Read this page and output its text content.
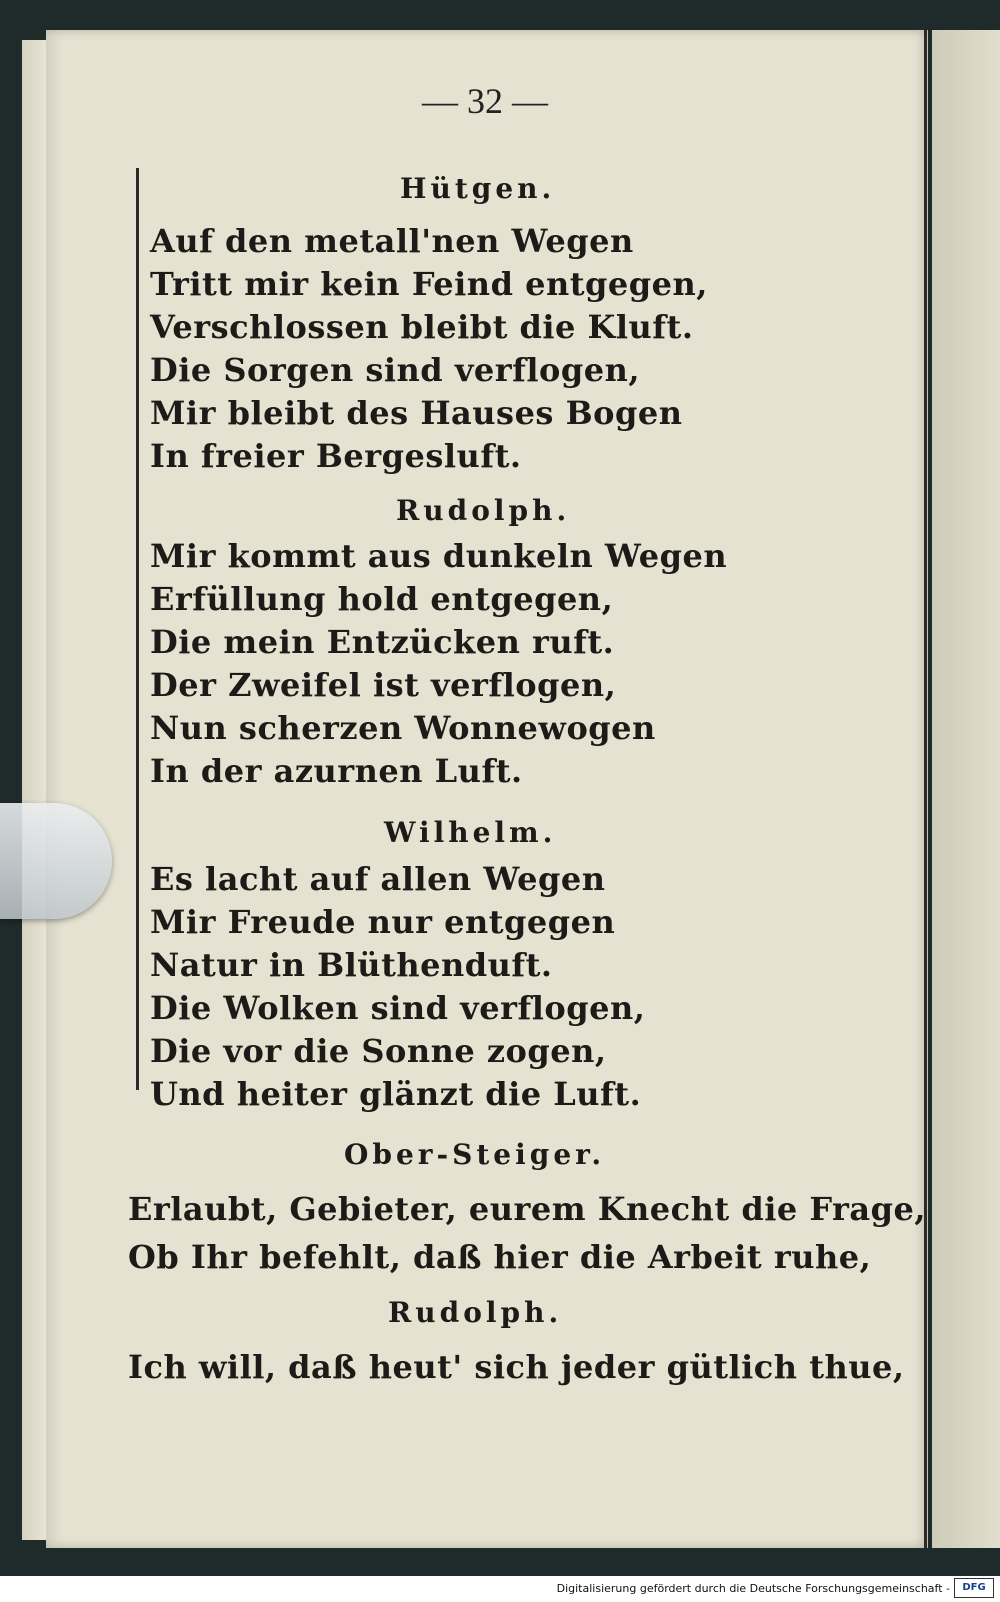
— 32 —
Hütgen.
Auf den metall'nen Wegen
Tritt mir kein Feind entgegen,
Verschlossen bleibt die Kluft.
Die Sorgen sind verflogen,
Mir bleibt des Hauses Bogen
In freier Bergesluft.
Rudolph.
Mir kommt aus dunkeln Wegen
Erfüllung hold entgegen,
Die mein Entzücken ruft.
Der Zweifel ist verflogen,
Nun scherzen Wonnewogen
In der azurnen Luft.
Wilhelm.
Es lacht auf allen Wegen
Mir Freude nur entgegen
Natur in Blüthenduft.
Die Wolken sind verflogen,
Die vor die Sonne zogen,
Und heiter glänzt die Luft.
Ober-Steiger.
Erlaubt, Gebieter, eurem Knecht die Frage,
Ob Ihr befehlt, daß hier die Arbeit ruhe,
Rudolph.
Ich will, daß heut' sich jeder gütlich thue,
Digitalisierung gefördert durch die Deutsche Forschungsgemeinschaft -	DFG
